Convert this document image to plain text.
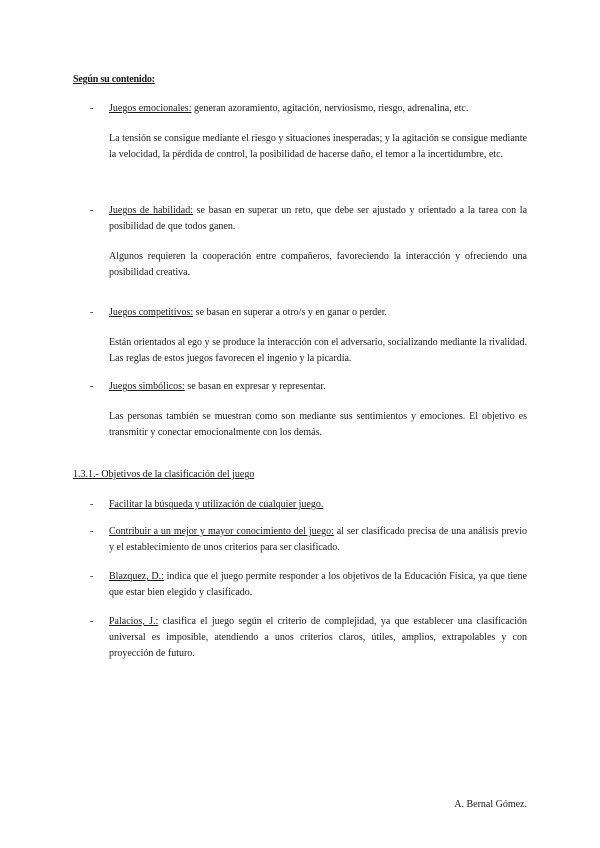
Según su contenido:
-	Juegos emocionales: generan azoramiento, agitación, nerviosismo, riesgo, adrenalina, etc.

La tensión se consigue mediante el riesgo y situaciones inesperadas; y la agitación se consigue mediante la velocidad, la pérdida de control, la posibilidad de hacerse daño, el temor a la incertidumbre, etc.

-	Juegos de habilidad: se basan en superar un reto, que debe ser ajustado y orientado a la tarea con la posibilidad de que todos ganen.

Algunos requieren la cooperación entre compañeros, favoreciendo la interacción y ofreciendo una posibilidad creativa.

-	Juegos competitivos: se basan en superar a otro/s y en ganar o perder.

Están orientados al ego y se produce la interacción con el adversario, socializando mediante la rivalidad. Las reglas de estos juegos favorecen el ingenio y la picardía.

-	Juegos simbólicos: se basan en expresar y representar.

Las personas también se muestran como son mediante sus sentimientos y emociones. El objetivo es transmitir y conectar emocionalmente con los demás.

1.3.1.- Objetivos de la clasificación del juego
-	Facilitar la búsqueda y utilización de cualquier juego.

-	Contribuir a un mejor y mayor conocimiento del juego: al ser clasificado precisa de una análisis previo y el establecimiento de unos criterios para ser clasificado.

-	Blazquez, D.: indica que el juego permite responder a los objetivos de la Educación Física, ya que tiene que estar bien elegido y clasificado.

-	Palacios, J.: clasifica el juego según el criterio de complejidad, ya que establecer una clasificación universal es imposible, atendiendo a unos criterios claros, útiles, amplios, extrapolables y con proyección de futuro.

A. Bernal Gómez.
